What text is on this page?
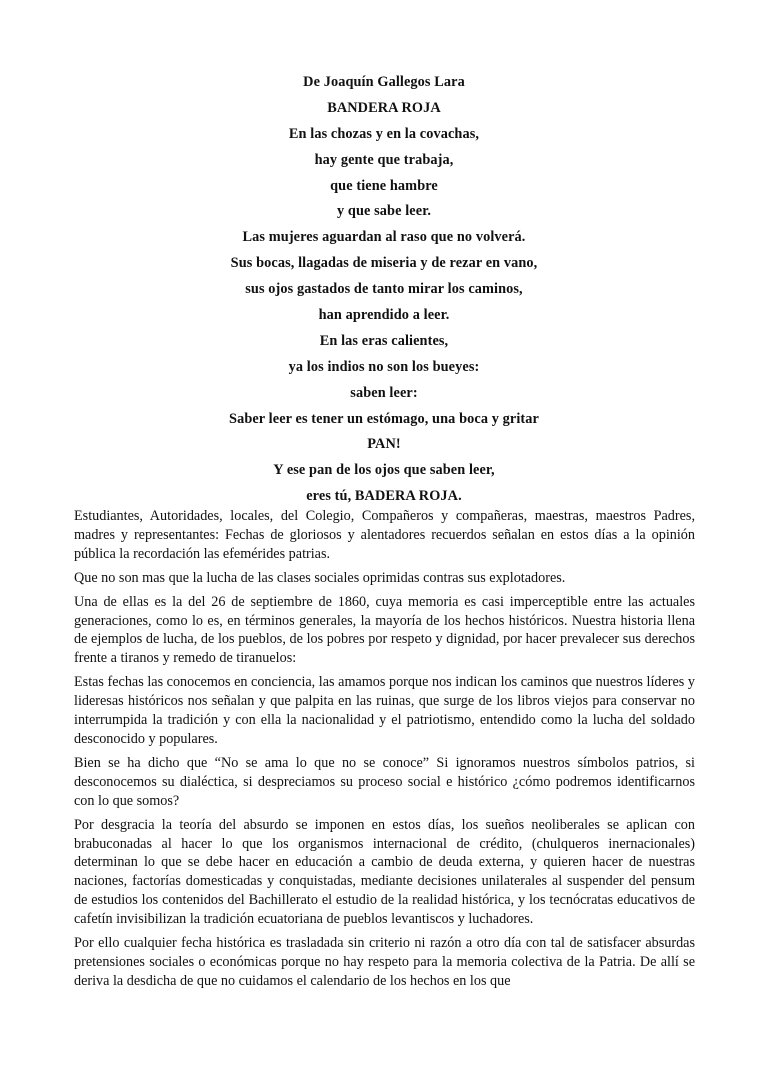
De Joaquín Gallegos Lara
BANDERA ROJA
En las chozas y en la covachas,
hay gente que trabaja,
que tiene hambre
y que sabe leer.
Las mujeres aguardan al raso que no volverá.
Sus bocas, llagadas de miseria y de rezar en vano,
sus ojos gastados de tanto mirar los caminos,
han aprendido a leer.
En las eras calientes,
ya los indios no son los bueyes:
saben leer:
Saber leer es tener un estómago, una boca y gritar
PAN!
Y ese pan de los ojos que saben leer,
eres tú, BADERA ROJA.

Estudiantes, Autoridades, locales, del Colegio, Compañeros y compañeras, maestras, maestros Padres, madres y representantes: Fechas de gloriosos y alentadores recuerdos señalan en estos días a la opinión pública la recordación las efemérides patrias.

Que no son mas que la lucha de las clases sociales oprimidas contras sus explotadores.

Una de ellas es la del 26 de septiembre de 1860, cuya memoria es casi imperceptible entre las actuales generaciones, como lo es, en términos generales, la mayoría de los hechos históricos. Nuestra historia llena de ejemplos de lucha, de los pueblos, de los pobres por respeto y dignidad, por hacer prevalecer sus derechos frente a tiranos y remedo de tiranuelos:

Estas fechas las conocemos en conciencia, las amamos porque nos indican los caminos que nuestros líderes y lideresas históricos nos señalan y que palpita en las ruinas, que surge de los libros viejos para conservar no interrumpida la tradición y con ella la nacionalidad y el patriotismo, entendido como la lucha del soldado desconocido y populares.

Bien se ha dicho que “No se ama lo que no se conoce” Si ignoramos nuestros símbolos patrios, si desconocemos su dialéctica, si despreciamos su proceso social e histórico ¿cómo podremos identificarnos con lo que somos?

Por desgracia la teoría del absurdo se imponen en estos días, los sueños neoliberales se aplican con brabuconadas al hacer lo que los organismos internacional de crédito, (chulqueros inernacionales) determinan lo que se debe hacer en educación a cambio de deuda externa, y quieren hacer de nuestras naciones, factorías domesticadas y conquistadas, mediante decisiones unilaterales al suspender del pensum de estudios los contenidos del Bachillerato el estudio de la realidad histórica, y los tecnócratas educativos de cafetín invisibilizan la tradición ecuatoriana de pueblos levantiscos y luchadores.

Por ello cualquier fecha histórica es trasladada sin criterio ni razón a otro día con tal de satisfacer absurdas pretensiones sociales o económicas porque no hay respeto para la memoria colectiva de la Patria. De allí se deriva la desdicha de que no cuidamos el calendario de los hechos en los que
